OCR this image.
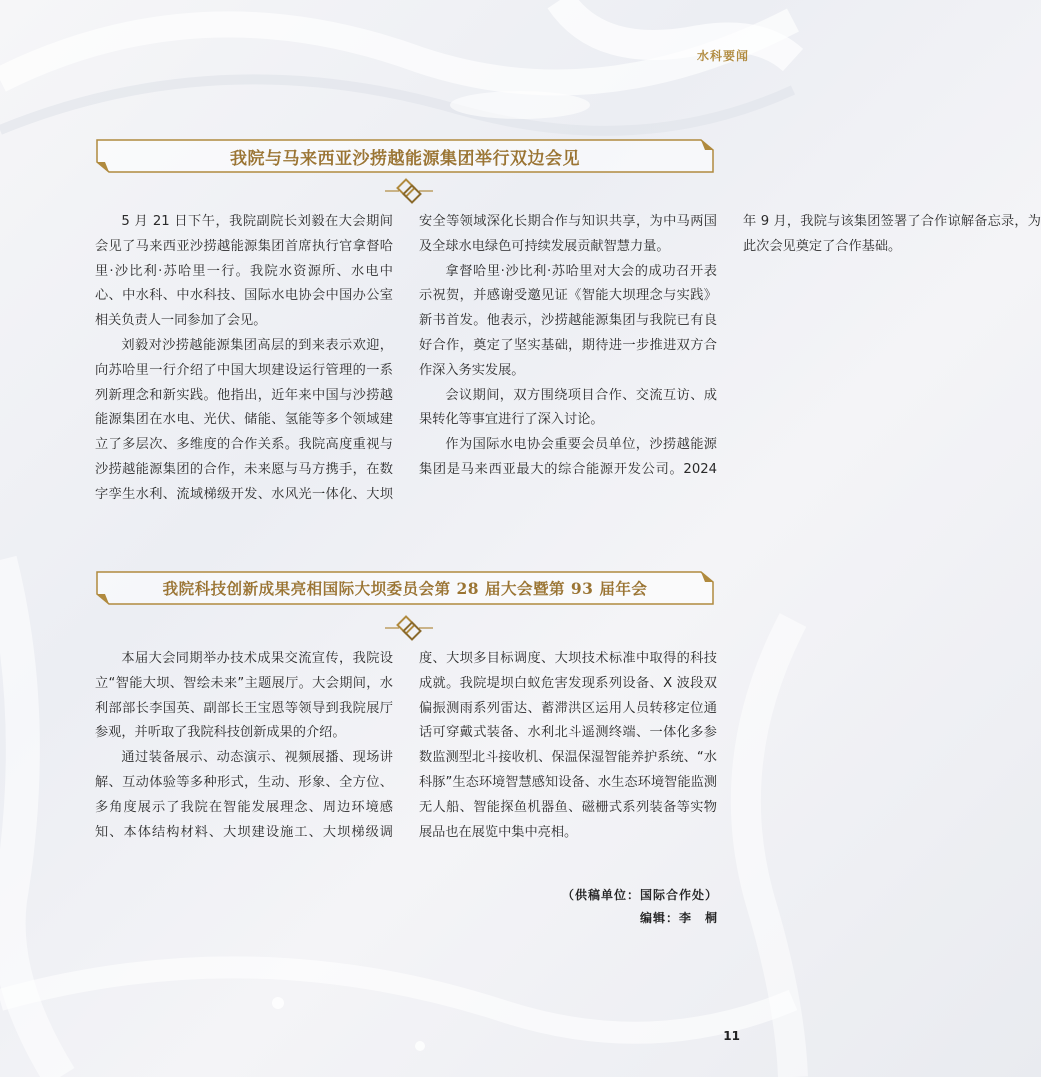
水科要闻
我院与马来西亚沙捞越能源集团举行双边会见

5 月 21 日下午，我院副院长刘毅在大会期间会见了马来西亚沙捞越能源集团首席执行官拿督哈里·沙比利·苏哈里一行。我院水资源所、水电中心、中水科、中水科技、国际水电协会中国办公室相关负责人一同参加了会见。

刘毅对沙捞越能源集团高层的到来表示欢迎，向苏哈里一行介绍了中国大坝建设运行管理的一系列新理念和新实践。他指出，近年来中国与沙捞越能源集团在水电、光伏、储能、氢能等多个领域建立了多层次、多维度的合作关系。我院高度重视与沙捞越能源集团的合作，未来愿与马方携手，在数字孪生水利、流域梯级开发、水风光一体化、大坝安全等领域深化长期合作与知识共享，为中马两国及全球水电绿色可持续发展贡献智慧力量。

拿督哈里·沙比利·苏哈里对大会的成功召开表示祝贺，并感谢受邀见证《智能大坝理念与实践》新书首发。他表示，沙捞越能源集团与我院已有良好合作，奠定了坚实基础，期待进一步推进双方合作深入务实发展。

会议期间，双方围绕项目合作、交流互访、成果转化等事宜进行了深入讨论。

作为国际水电协会重要会员单位，沙捞越能源集团是马来西亚最大的综合能源开发公司。2024 年 9 月，我院与该集团签署了合作谅解备忘录，为此次会见奠定了合作基础。

我院科技创新成果亮相国际大坝委员会第 28 届大会暨第 93 届年会

本届大会同期举办技术成果交流宣传，我院设立“智能大坝、智绘未来”主题展厅。大会期间，水利部部长李国英、副部长王宝恩等领导到我院展厅参观，并听取了我院科技创新成果的介绍。

通过装备展示、动态演示、视频展播、现场讲解、互动体验等多种形式，生动、形象、全方位、多角度展示了我院在智能发展理念、周边环境感知、本体结构材料、大坝建设施工、大坝梯级调度、大坝多目标调度、大坝技术标准中取得的科技成就。我院堤坝白蚁危害发现系列设备、X 波段双偏振测雨系列雷达、蓄滞洪区运用人员转移定位通话可穿戴式装备、水利北斗遥测终端、一体化多参数监测型北斗接收机、保温保湿智能养护系统、“水科豚”生态环境智慧感知设备、水生态环境智能监测无人船、智能探鱼机器鱼、磁栅式系列装备等实物展品也在展览中集中亮相。

（供稿单位：国际合作处）
编辑：李　桐
11
